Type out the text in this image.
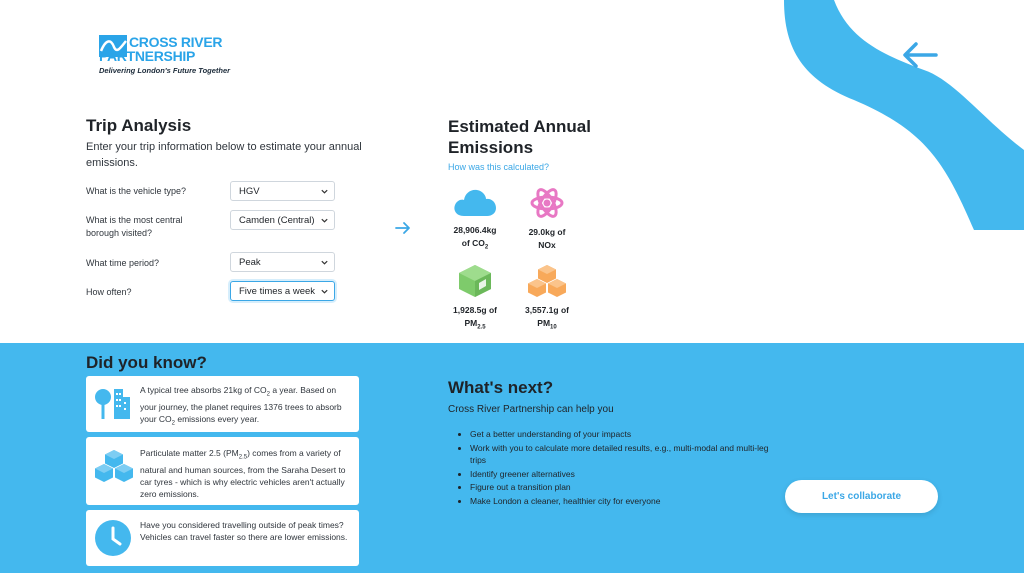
CROSS RIVER
PARTNERSHIP
Delivering London's Future Together
Trip Analysis
Enter your trip information below to estimate your annual emissions.
What is the vehicle type?	HGV
What is the most central borough visited?
Camden (Central)
What time period?	Peak
How often?	Five times a week
Estimated Annual Emissions
How was this calculated?
28,906.4kg
of $CO_2$
29.0kg of
NOx
1,928.5g of
$PM_{2.5}$
3,557.1g of
$PM_{10}$
Did you know?
A typical tree absorbs 21kg of $CO_2$ a year. Based on your journey, the planet requires 1376 trees to absorb your $CO_2$ emissions every year.
Particulate matter 2.5 $(PM_{2.5})$ comes from a variety of natural and human sources, from the Saraha Desert to car tyres - which is why electric vehicles aren't actually zero emissions.
Have you considered travelling outside of peak times? Vehicles can travel faster so there are lower emissions.
What's next?
Cross River Partnership can help you
• Get a better understanding of your impacts
• Work with you to calculate more detailed results, e.g., multi-modal and multi-leg trips
• Identify greener alternatives
• Figure out a transition plan
• Make London a cleaner, healthier city for everyone	Let's collaborate
